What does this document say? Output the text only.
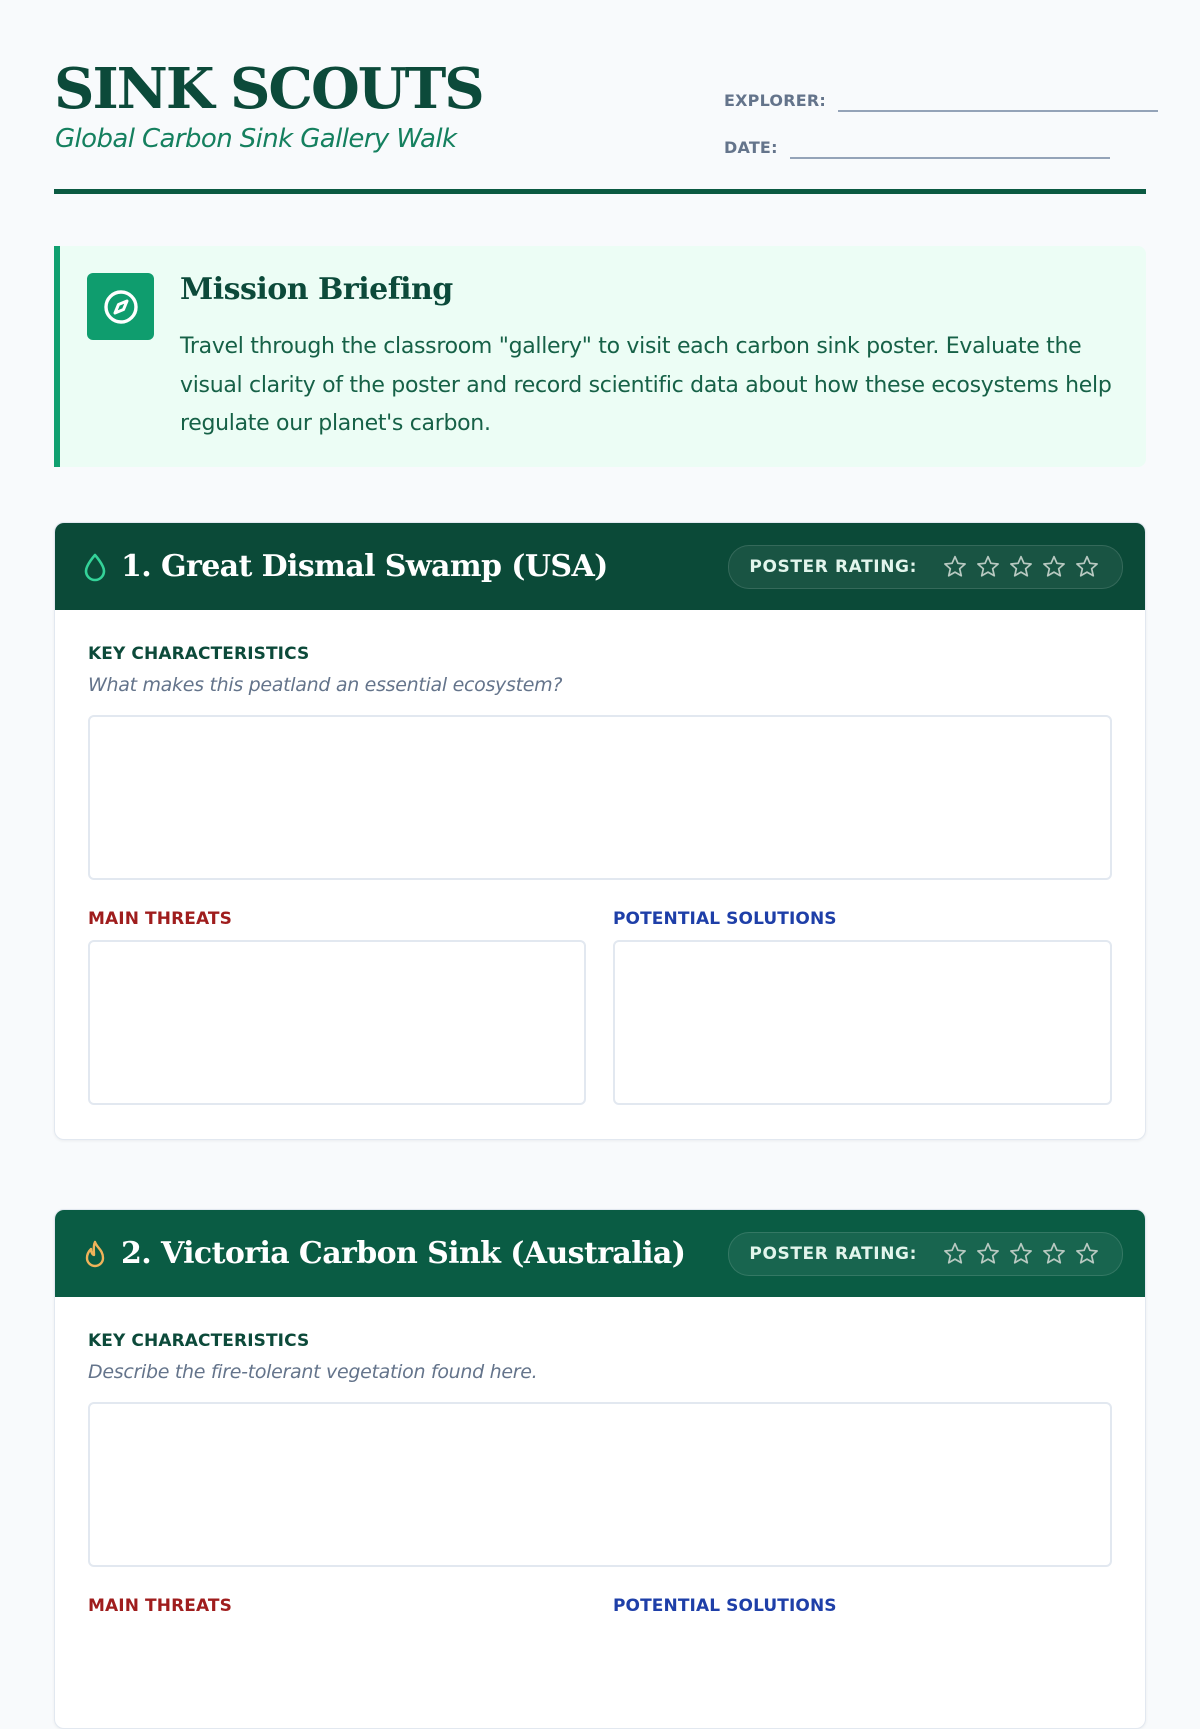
SINK SCOUTS
Global Carbon Sink Gallery Walk
EXPLORER:
DATE:
Mission Briefing

Travel through the classroom "gallery" to visit each carbon sink poster. Evaluate the visual clarity of the poster and record scientific data about how these ecosystems help regulate our planet's carbon.

1. Great Dismal Swamp (USA)	POSTER RATING:
KEY CHARACTERISTICS
What makes this peatland an essential ecosystem?
MAIN THREATS	POTENTIAL SOLUTIONS
2. Victoria Carbon Sink (Australia)	POSTER RATING:
KEY CHARACTERISTICS
Describe the fire-tolerant vegetation found here.
MAIN THREATS	POTENTIAL SOLUTIONS
